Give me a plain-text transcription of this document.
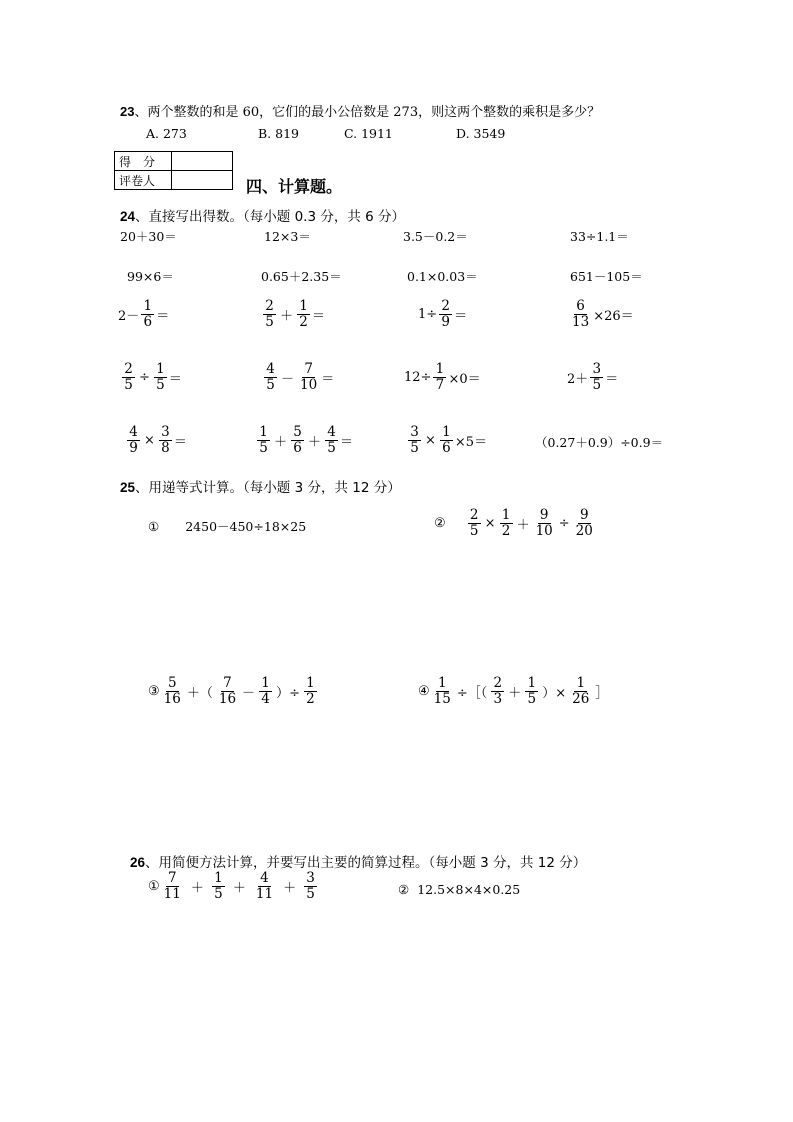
23、两个整数的和是 60，它们的最小公倍数是 273，则这两个整数的乘积是多少？
A. 273	B. 819	C. 1911	D. 3549
得　分	
评卷人		四、计算题。
24、直接写出得数。（每小题 0.3 分，共 6 分）
20＋30＝	12×3＝	3.5－0.2＝	33÷1.1＝
99×6＝	0.65＋2.35＝	0.1×0.03＝	651－105＝
$2- \frac{1}{6}$ ＝	$\frac{2}{5} + \frac{1}{2}$ ＝	$1\div \frac{2}{9}$ ＝	$\frac{6}{13} \times 26=$
$\frac{2}{5} \div \frac{1}{5}$ ＝	$\frac{4}{5} - \frac{7}{10}$ ＝	$12\div \frac{1}{7} \times 0=$	$2+ \frac{3}{5}$ ＝
$\frac{4}{9} \times \frac{3}{8}$ ＝	$\frac{1}{5} + \frac{5}{6} + \frac{4}{5}$ ＝	$\frac{3}{5} \times \frac{1}{6} \times 5=$	（0.27＋0.9）÷0.9＝
25、用递等式计算。（每小题 3 分，共 12 分）
① 2450－450÷18×25	② $\frac{2}{5} \times \frac{1}{2} + \frac{9}{10} \div \frac{9}{20}$
③ $\frac{5}{16}$ ＋（ $\frac{7}{16} - \frac{1}{4}$ ）÷ $\frac{1}{2}$	④ $\frac{1}{15}$ ÷［（ $\frac{2}{3} + \frac{1}{5}$ ）× $\frac{1}{26}$ ］
26、用简便方法计算，并要写出主要的简算过程。（每小题 3 分，共 12 分）
① $\frac{7}{11} + \frac{1}{5} + \frac{4}{11} + \frac{3}{5}$	② 12.5×8×4×0.25
